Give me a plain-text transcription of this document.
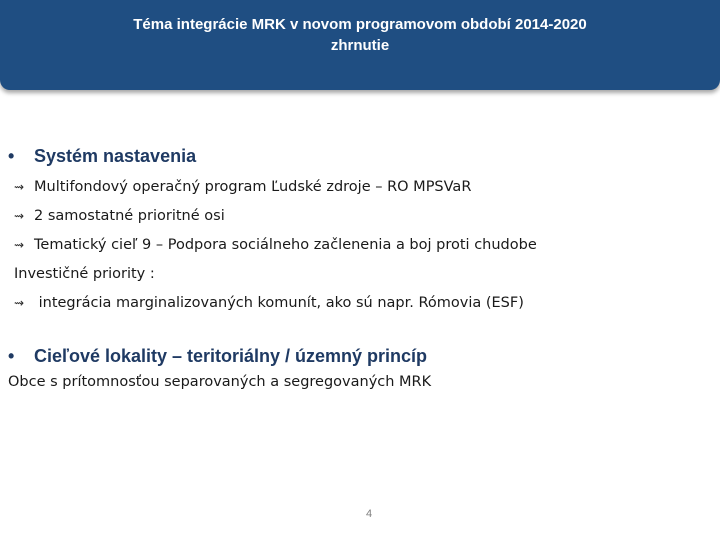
Téma integrácie MRK v novom programovom období 2014-2020
zhrnutie
• Systém nastavenia
⇝ Multifondový operačný program Ľudské zdroje – RO MPSVaR
⇝ 2 samostatné prioritné osi
⇝ Tematický cieľ 9 – Podpora sociálneho začlenenia a boj proti chudobe
Investičné priority :
⇝ integrácia marginalizovaných komunít, ako sú napr. Rómovia (ESF)
• Cieľové lokality – teritoriálny / územný princíp
Obce s prítomnosťou separovaných a segregovaných MRK
4
